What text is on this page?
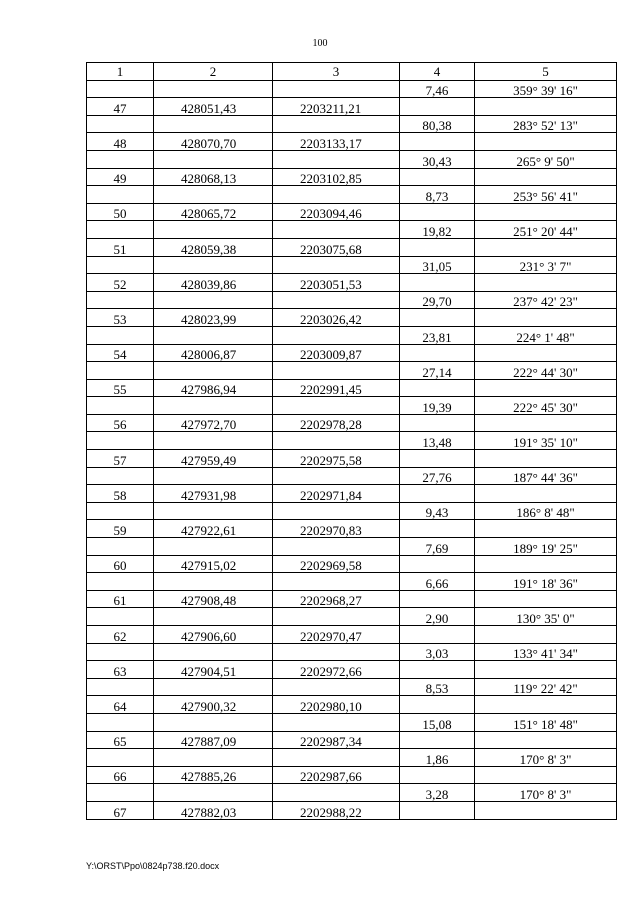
100
1	2	3	4	5
			7,46	359° 39' 16"
47	428051,43	2203211,21		
			80,38	283° 52' 13"
48	428070,70	2203133,17		
			30,43	265° 9' 50"
49	428068,13	2203102,85		
			8,73	253° 56' 41"
50	428065,72	2203094,46		
			19,82	251° 20' 44"
51	428059,38	2203075,68		
			31,05	231° 3' 7"
52	428039,86	2203051,53		
			29,70	237° 42' 23"
53	428023,99	2203026,42		
			23,81	224° 1' 48"
54	428006,87	2203009,87		
			27,14	222° 44' 30"
55	427986,94	2202991,45		
			19,39	222° 45' 30"
56	427972,70	2202978,28		
			13,48	191° 35' 10"
57	427959,49	2202975,58		
			27,76	187° 44' 36"
58	427931,98	2202971,84		
			9,43	186° 8' 48"
59	427922,61	2202970,83		
			7,69	189° 19' 25"
60	427915,02	2202969,58		
			6,66	191° 18' 36"
61	427908,48	2202968,27		
			2,90	130° 35' 0"
62	427906,60	2202970,47		
			3,03	133° 41' 34"
63	427904,51	2202972,66		
			8,53	119° 22' 42"
64	427900,32	2202980,10		
			15,08	151° 18' 48"
65	427887,09	2202987,34		
			1,86	170° 8' 3"
66	427885,26	2202987,66		
			3,28	170° 8' 3"
67	427882,03	2202988,22		
Y:\ORST\Ppo\0824p738.f20.docx
